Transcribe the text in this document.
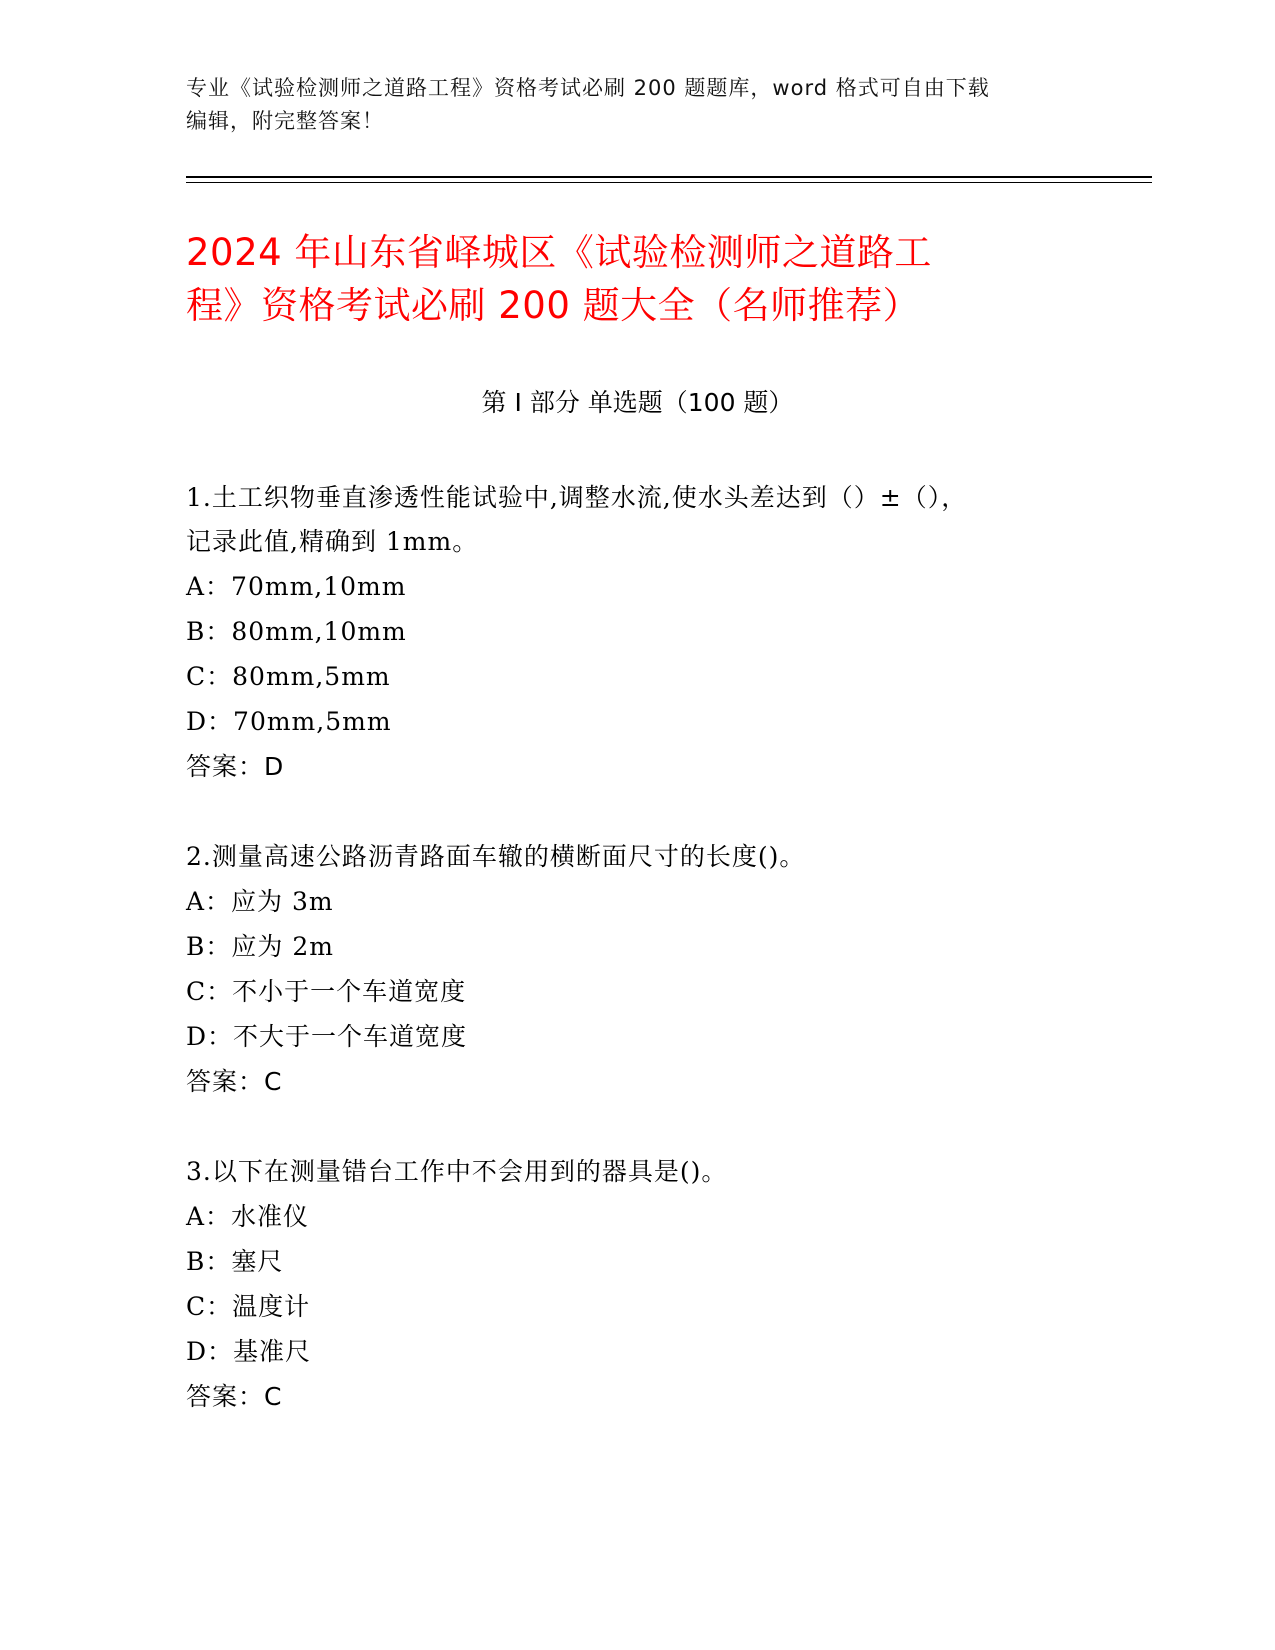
专业《试验检测师之道路工程》资格考试必刷 200 题题库，word 格式可自由下载
编辑，附完整答案！
2024 年山东省峄城区《试验检测师之道路工
程》资格考试必刷 200 题大全（名师推荐）
第 I 部分 单选题（100 题）
1.土工织物垂直渗透性能试验中,调整水流,使水头差达到（）±（），
记录此值,精确到 1mm。
A：70mm,10mm
B：80mm,10mm
C：80mm,5mm
D：70mm,5mm
答案：D
2.测量高速公路沥青路面车辙的横断面尺寸的长度()。
A：应为 3m
B：应为 2m
C：不小于一个车道宽度
D：不大于一个车道宽度
答案：C
3.以下在测量错台工作中不会用到的器具是()。
A：水准仪
B：塞尺
C：温度计
D：基准尺
答案：C
